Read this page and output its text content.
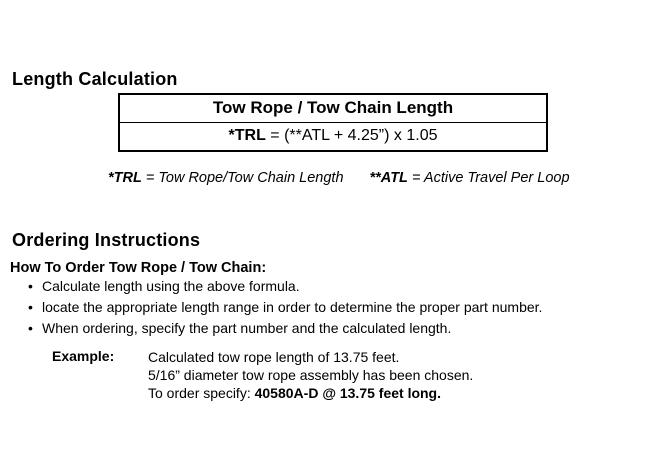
Length Calculation
Tow Rope / Tow Chain Length
*TRL = (**ATL + 4.25”) x 1.05
*TRL = Tow Rope/Tow Chain Length **ATL = Active Travel Per Loop
Ordering Instructions
How To Order Tow Rope / Tow Chain:
• Calculate length using the above formula.
• locate the appropriate length range in order to determine the proper part number.
• When ordering, specify the part number and the calculated length.
Example: Calculated tow rope length of 13.75 feet.
5/16” diameter tow rope assembly has been chosen.
To order specify: 40580A-D @ 13.75 feet long.
